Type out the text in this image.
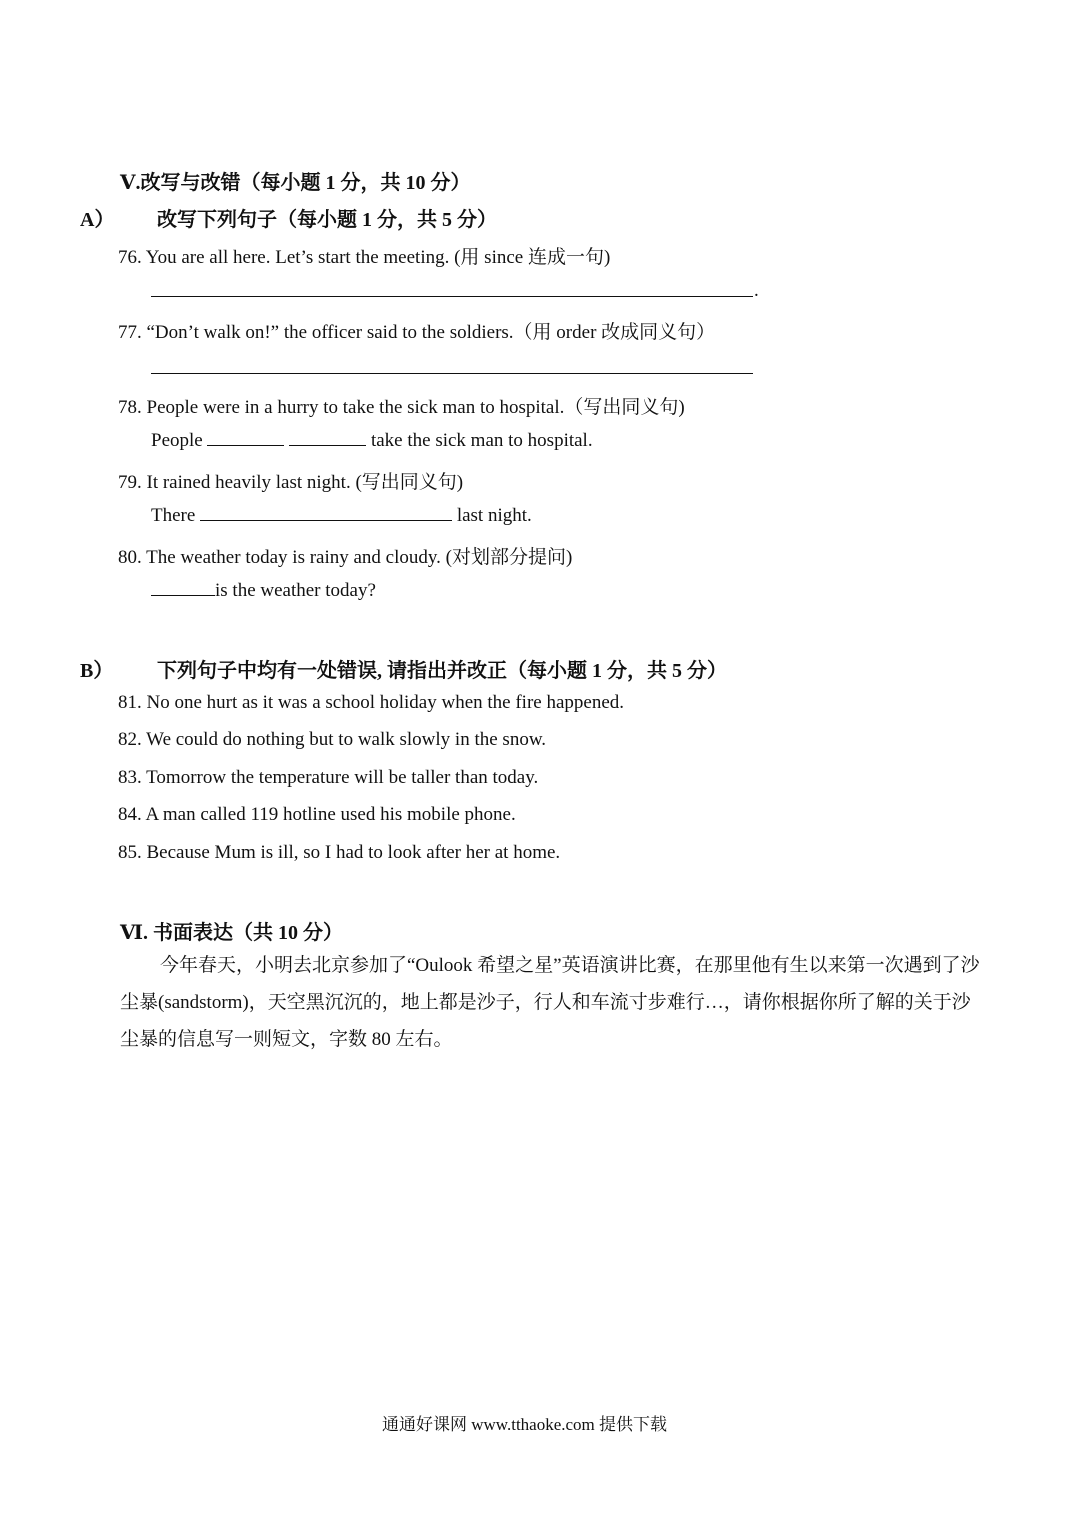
Ⅴ.改写与改错（每小题 1 分，共 10 分）
A） 改写下列句子（每小题 1 分，共 5 分）
76. You are all here. Let’s start the meeting. (用 since 连成一句)
.
77. “Don’t walk on!” the officer said to the soldiers.（用 order 改成同义句）
78. People were in a hurry to take the sick man to hospital.（写出同义句)
People	take the sick man to hospital.
79. It rained heavily last night. (写出同义句)
There	last night.
80. The weather today is rainy and cloudy. (对划部分提问)
is the weather today?
B） 下列句子中均有一处错误, 请指出并改正（每小题 1 分，共 5 分）
81. No one hurt as it was a school holiday when the fire happened.
82. We could do nothing but to walk slowly in the snow.
83. Tomorrow the temperature will be taller than today.
84. A man called 119 hotline used his mobile phone.
85. Because Mum is ill, so I had to look after her at home.
Ⅵ. 书面表达（共 10 分）
今年春天，小明去北京参加了“Oulook 希望之星”英语演讲比赛，在那里他有生以来第一次遇到了沙尘暴(sandstorm)，天空黑沉沉的，地上都是沙子，行人和车流寸步难行…，请你根据你所了解的关于沙尘暴的信息写一则短文，字数 80 左右。
通通好课网 www.tthaoke.com 提供下载
